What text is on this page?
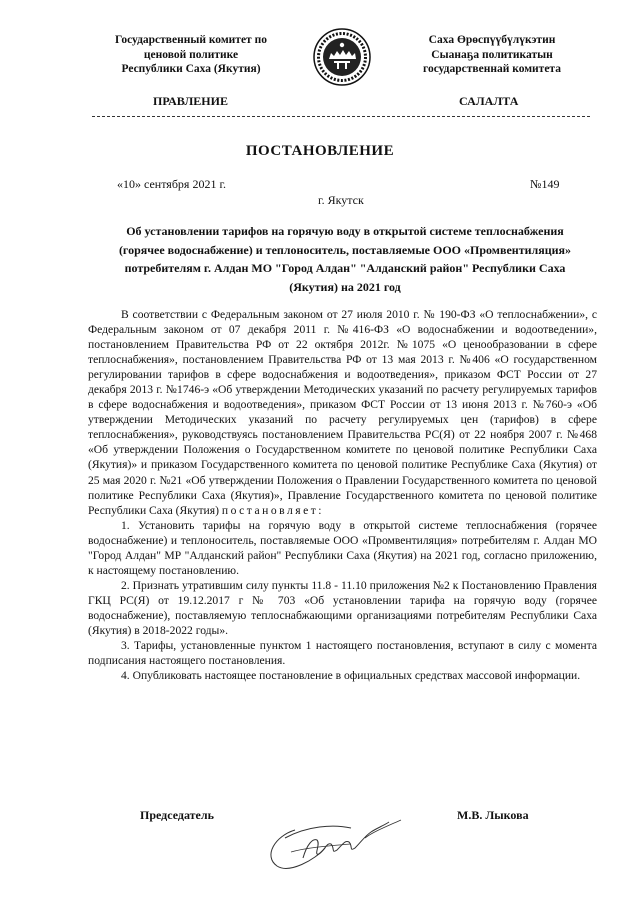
Государственный комитет по
ценовой политике
Республики Саха (Якутия)
Саха Өрөспүүбүлүкэтин
Сыанаҕа политикатын
государственнай комитета
ПРАВЛЕНИЕ	САЛАЛТА
ПОСТАНОВЛЕНИЕ
«10» сентября 2021 г.	№149
г. Якутск
Об установлении тарифов на горячую воду в открытой системе теплоснабжения
(горячее водоснабжение) и теплоноситель, поставляемые ООО «Промвентиляция»
потребителям г. Алдан МО "Город Алдан" "Алданский район" Республики Саха
(Якутия) на 2021 год

В соответствии с Федеральным законом от 27 июля 2010 г. № 190-ФЗ «О теплоснабжении», с Федеральным законом от 07 декабря 2011 г. №416-ФЗ «О водоснабжении и водоотведении», постановлением Правительства РФ от 22 октября 2012г. №1075 «О ценообразовании в сфере теплоснабжения», постановлением Правительства РФ от 13 мая 2013 г. №406 «О государственном регулировании тарифов в сфере водоснабжения и водоотведения», приказом ФСТ России от 27 декабря 2013 г. №1746-э «Об утверждении Методических указаний по расчету регулируемых тарифов в сфере водоснабжения и водоотведения», приказом ФСТ России от 13 июня 2013 г. №760-э «Об утверждении Методических указаний по расчету регулируемых цен (тарифов) в сфере теплоснабжения», руководствуясь постановлением Правительства РС(Я) от 22 ноября 2007 г. №468 «Об утверждении Положения о Государственном комитете по ценовой политике Республики Саха (Якутия)» и приказом Государственного комитета по ценовой политике Республике Саха (Якутия) от 25 мая 2020 г. №21 «Об утверждении Положения о Правлении Государственного комитета по ценовой политике Республики Саха (Якутия)», Правление Государственного комитета по ценовой политике Республики Саха (Якутия) постановляет:

1. Установить тарифы на горячую воду в открытой системе теплоснабжения (горячее водоснабжение) и теплоноситель, поставляемые ООО «Промвентиляция» потребителям г. Алдан МО "Город Алдан" МР "Алданский район" Республики Саха (Якутия) на 2021 год, согласно приложению, к настоящему постановлению.

2. Признать утратившим силу пункты 11.8 - 11.10 приложения №2 к Постановлению Правления ГКЦ РС(Я) от 19.12.2017 г № 703 «Об установлении тарифа на горячую воду (горячее водоснабжение), поставляемую теплоснабжающими организациями потребителям Республики Саха (Якутия) в 2018-2022 годы».

3. Тарифы, установленные пунктом 1 настоящего постановления, вступают в силу с момента подписания настоящего постановления.

4. Опубликовать настоящее постановление в официальных средствах массовой информации.

Председатель	М.В. Лыкова
